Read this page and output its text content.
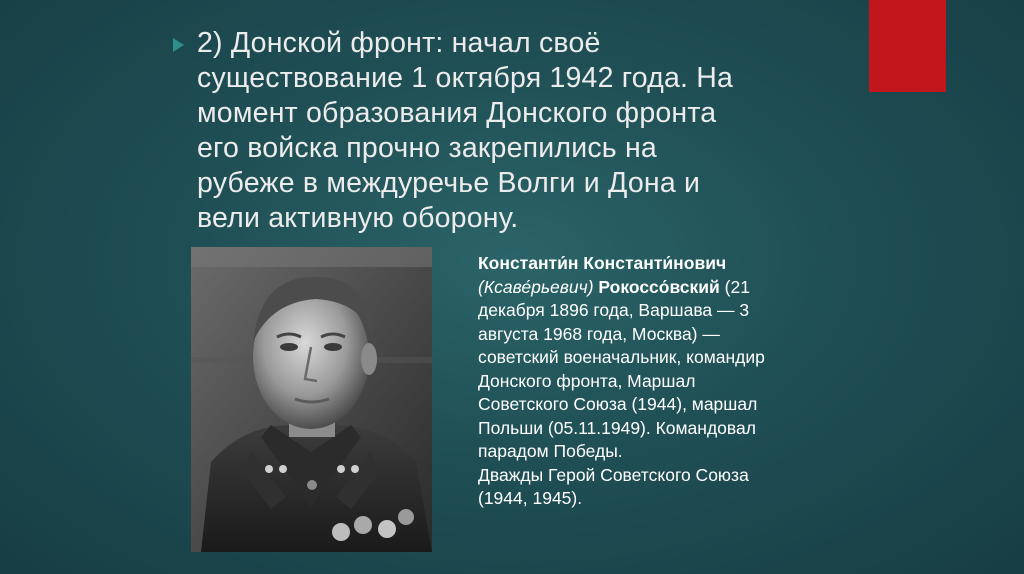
2) Донской фронт: начал своё
существование 1 октября 1942 года. На
момент образования Донского фронта
его войска прочно закрепились на
рубеже в междуречье Волги и Дона и
вели активную оборону.
Константи́н Константи́нович
(Ксаве́рьевич) Рокоссо́вский (21
декабря 1896 года, Варшава — 3
августа 1968 года, Москва) —
советский военачальник, командир
Донского фронта, Маршал
Советского Союза (1944), маршал
Польши (05.11.1949). Командовал
парадом Победы.
Дважды Герой Советского Союза
(1944, 1945).
